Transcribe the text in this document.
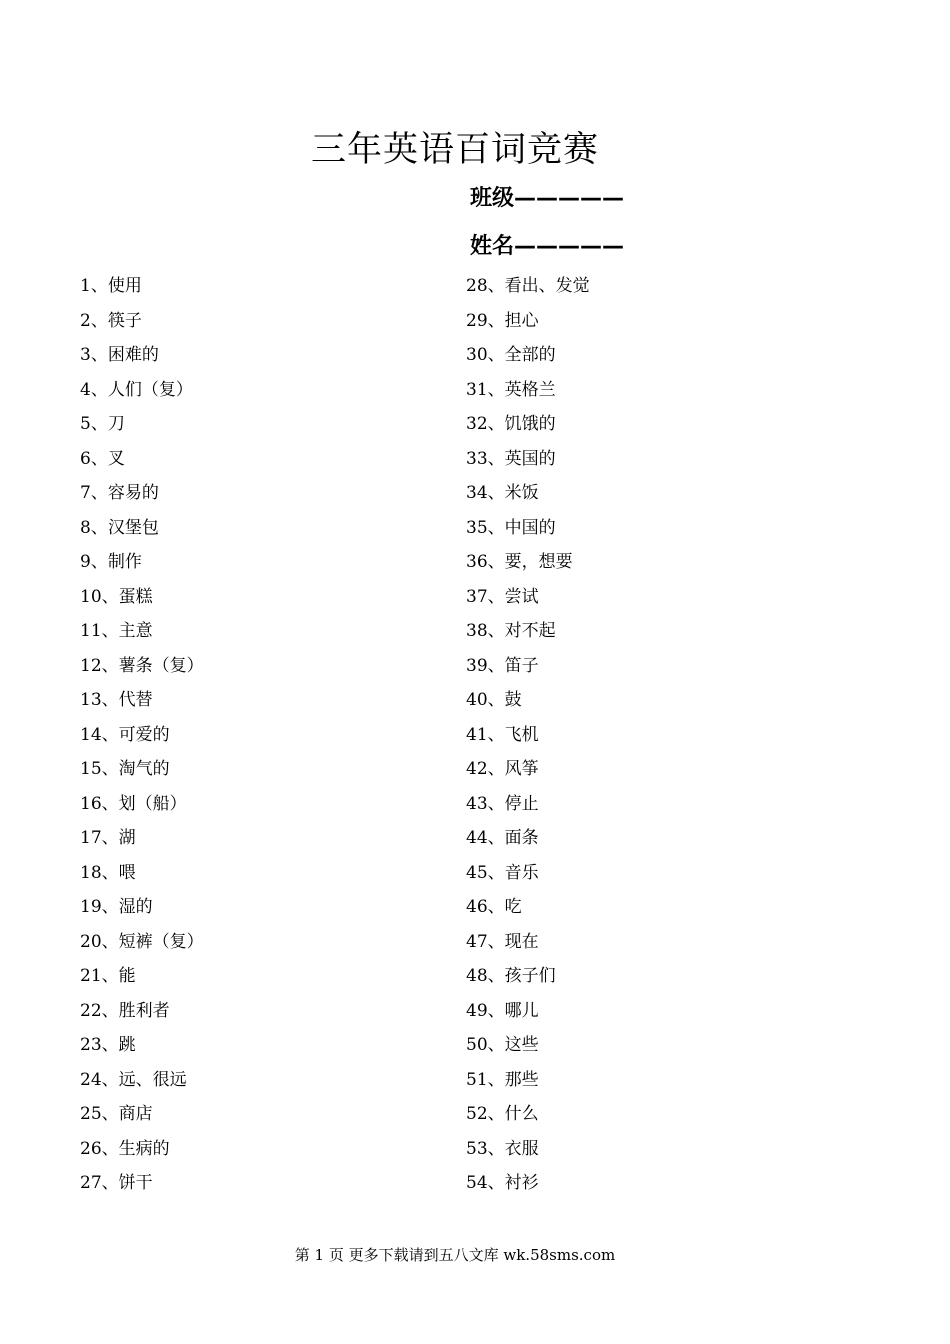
三年英语百词竞赛
班级—————
姓名—————
1、使用
2、筷子
3、困难的
4、人们（复）
5、刀
6、叉
7、容易的
8、汉堡包
9、制作
10、蛋糕
11、主意
12、薯条（复）
13、代替
14、可爱的
15、淘气的
16、划（船）
17、湖
18、喂
19、湿的
20、短裤（复）
21、能
22、胜利者
23、跳
24、远、很远
25、商店
26、生病的
27、饼干
28、看出、发觉
29、担心
30、全部的
31、英格兰
32、饥饿的
33、英国的
34、米饭
35、中国的
36、要，想要
37、尝试
38、对不起
39、笛子
40、鼓
41、飞机
42、风筝
43、停止
44、面条
45、音乐
46、吃
47、现在
48、孩子们
49、哪儿
50、这些
51、那些
52、什么
53、衣服
54、衬衫
第 1 页 更多下载请到五八文库 wk.58sms.com
